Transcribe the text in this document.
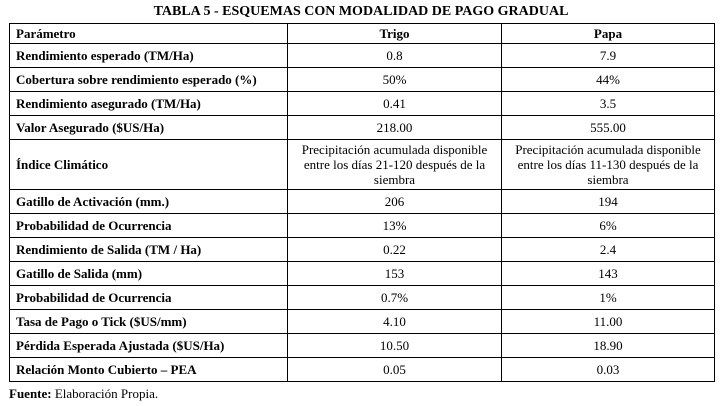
TABLA 5 - ESQUEMAS CON MODALIDAD DE PAGO GRADUAL
Parámetro	Trigo	Papa
Rendimiento esperado (TM/Ha)	0.8	7.9
Cobertura sobre rendimiento esperado (%)	50%	44%
Rendimiento asegurado (TM/Ha)	0.41	3.5
Valor Asegurado ($US/Ha)	218.00	555.00
Índice Climático	Precipitación acumulada disponible entre los días 21-120 después de la siembra	Precipitación acumulada disponible entre los días 11-130 después de la siembra
Gatillo de Activación (mm.)	206	194
Probabilidad de Ocurrencia	13%	6%
Rendimiento de Salida (TM / Ha)	0.22	2.4
Gatillo de Salida (mm)	153	143
Probabilidad de Ocurrencia	0.7%	1%
Tasa de Pago o Tick ($US/mm)	4.10	11.00
Pérdida Esperada Ajustada ($US/Ha)	10.50	18.90
Relación Monto Cubierto – PEA	0.05	0.03
Fuente: Elaboración Propia.
